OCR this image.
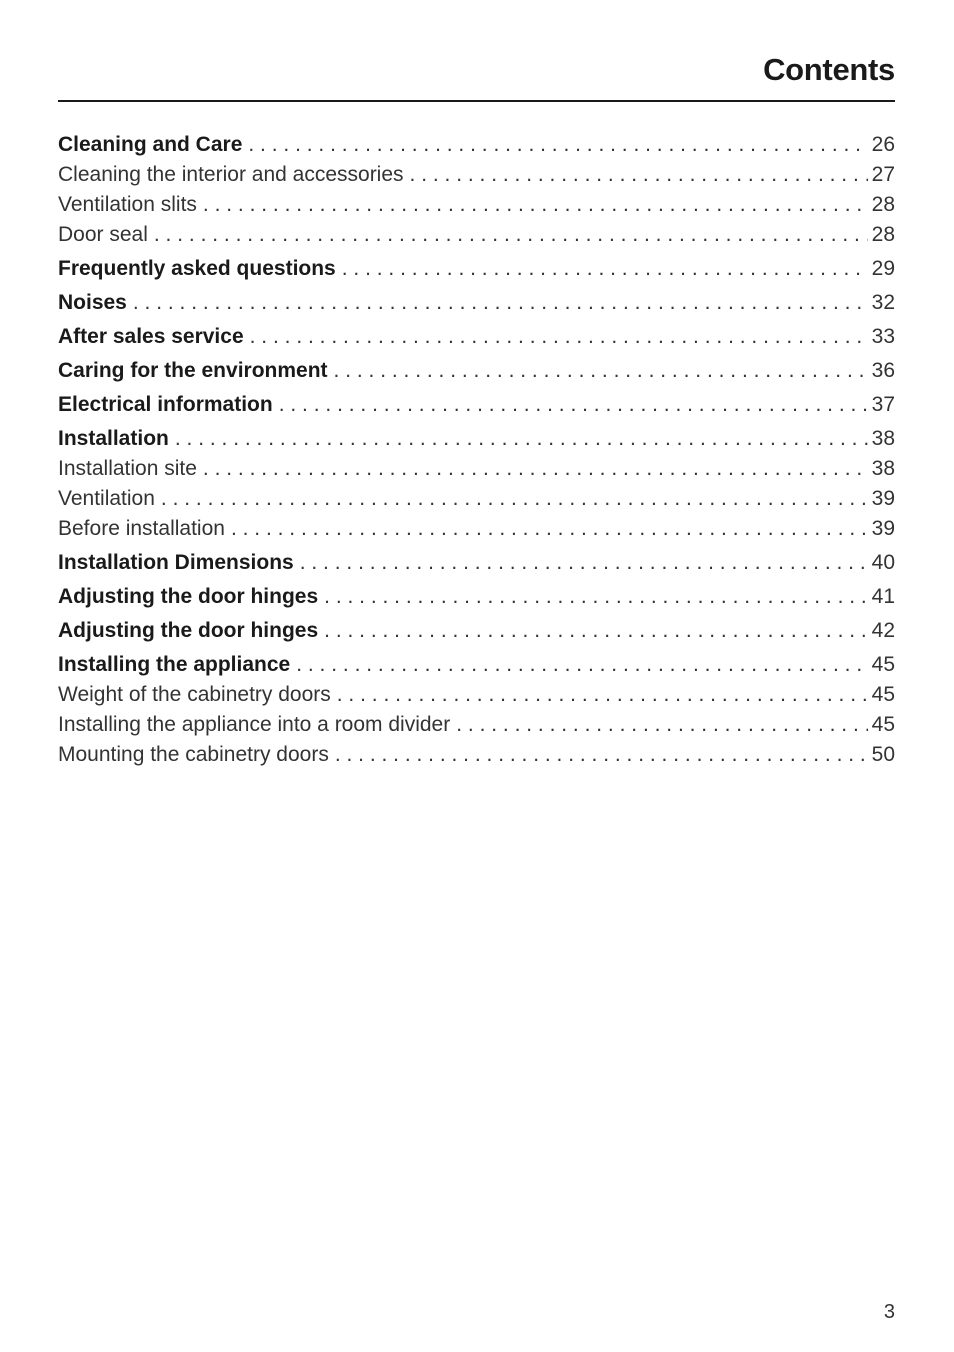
Contents
Cleaning and Care . . .	26
Cleaning the interior and accessories . . .	27
Ventilation slits . . .	28
Door seal . . .	28
Frequently asked questions . . .	29
Noises . . .	32
After sales service . . .	33
Caring for the environment . . .	36
Electrical information . . .	37
Installation . . .	38
Installation site . . .	38
Ventilation . . .	39
Before installation . . .	39
Installation Dimensions . . .	40
Adjusting the door hinges . . .	41
Adjusting the door hinges . . .	42
Installing the appliance . . .	45
Weight of the cabinetry doors . . .	45
Installing the appliance into a room divider . . .	45
Mounting the cabinetry doors . . .	50
3
